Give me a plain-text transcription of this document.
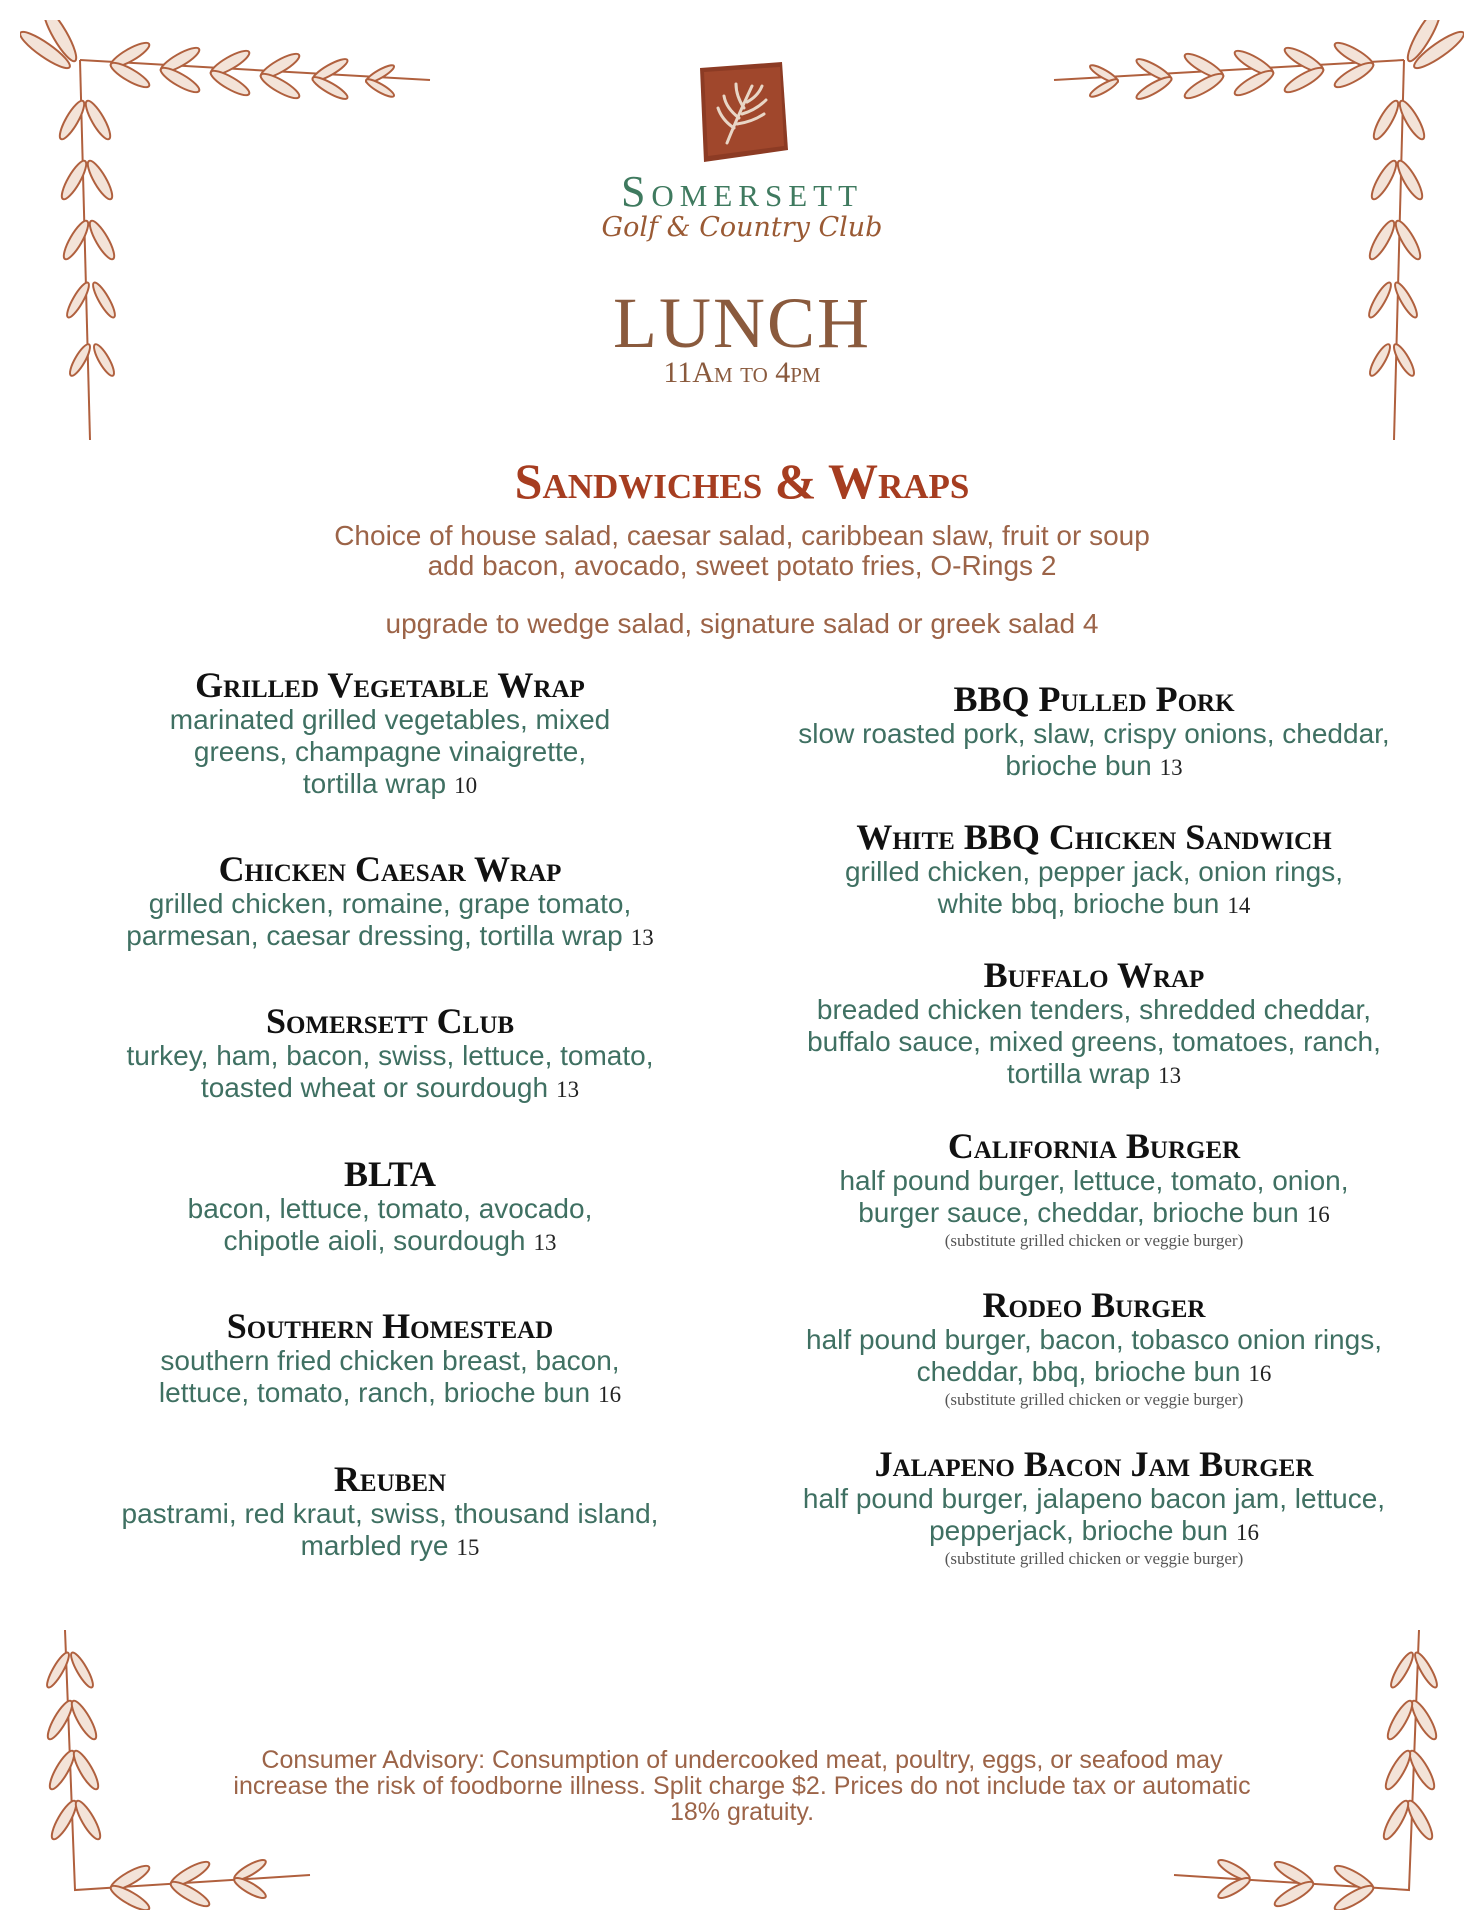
Somersett
Golf & Country Club
LUNCH
11Am to 4pm
Sandwiches & Wraps
Choice of house salad, caesar salad, caribbean slaw, fruit or soup
add bacon, avocado, sweet potato fries, O-Rings 2
upgrade to wedge salad, signature salad or greek salad 4
Grilled Vegetable Wrap
marinated grilled vegetables, mixed
greens, champagne vinaigrette,
tortilla wrap 10
Chicken Caesar Wrap
grilled chicken, romaine, grape tomato,
parmesan, caesar dressing, tortilla wrap 13
Somersett Club
turkey, ham, bacon, swiss, lettuce, tomato,
toasted wheat or sourdough 13
BLTA
bacon, lettuce, tomato, avocado,
chipotle aioli, sourdough 13
Southern Homestead
southern fried chicken breast, bacon,
lettuce, tomato, ranch, brioche bun 16
Reuben
pastrami, red kraut, swiss, thousand island,
marbled rye 15
BBQ Pulled Pork
slow roasted pork, slaw, crispy onions, cheddar,
brioche bun 13
White BBQ Chicken Sandwich
grilled chicken, pepper jack, onion rings,
white bbq, brioche bun 14
Buffalo Wrap
breaded chicken tenders, shredded cheddar,
buffalo sauce, mixed greens, tomatoes, ranch,
tortilla wrap 13
California Burger
half pound burger, lettuce, tomato, onion,
burger sauce, cheddar, brioche bun 16
(substitute grilled chicken or veggie burger)
Rodeo Burger
half pound burger, bacon, tobasco onion rings,
cheddar, bbq, brioche bun 16
(substitute grilled chicken or veggie burger)
Jalapeno Bacon Jam Burger
half pound burger, jalapeno bacon jam, lettuce,
pepperjack, brioche bun 16
(substitute grilled chicken or veggie burger)
Consumer Advisory: Consumption of undercooked meat, poultry, eggs, or seafood may
increase the risk of foodborne illness. Split charge $2. Prices do not include tax or automatic
18% gratuity.
